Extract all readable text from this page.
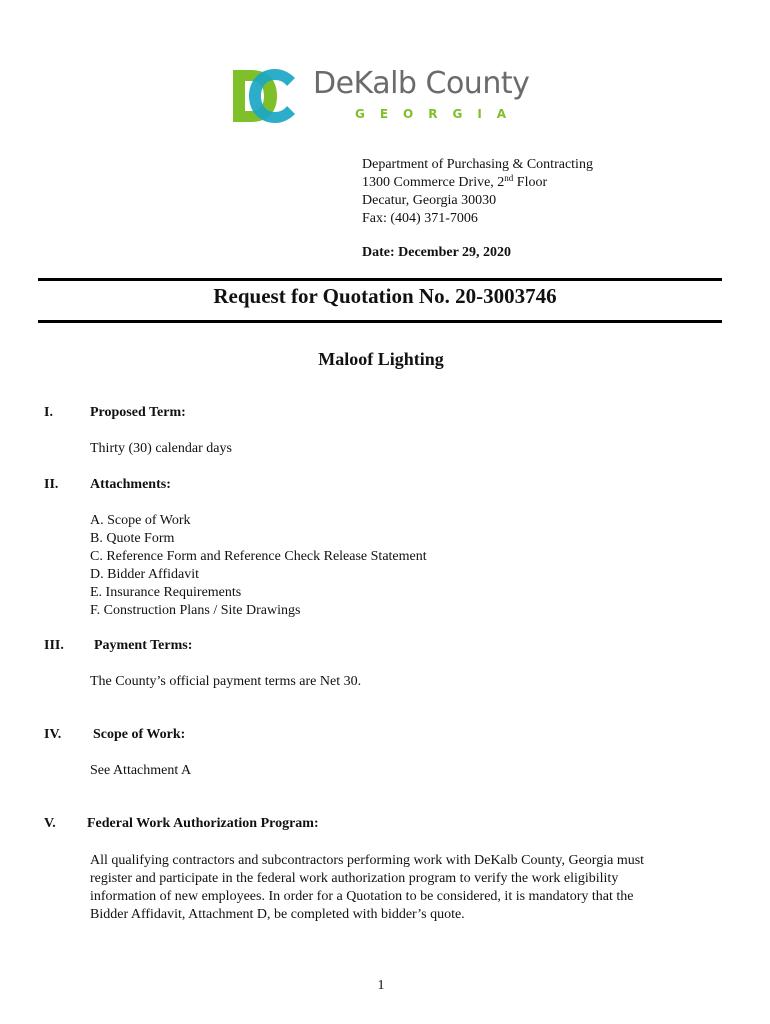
DeKalb County
GEORGIA
Department of Purchasing & Contracting
1300 Commerce Drive, 2nd Floor
Decatur, Georgia 30030
Fax: (404) 371-7006
Date: December 29, 2020
Request for Quotation No. 20-3003746
Maloof Lighting
I.	Proposed Term:
Thirty (30) calendar days
II. Attachments:
A. Scope of Work
B. Quote Form
C. Reference Form and Reference Check Release Statement
D. Bidder Affidavit
E. Insurance Requirements
F. Construction Plans / Site Drawings
III. Payment Terms:
The County’s official payment terms are Net 30.
IV. Scope of Work:
See Attachment A
V. Federal Work Authorization Program:
All qualifying contractors and subcontractors performing work with DeKalb County, Georgia must
register and participate in the federal work authorization program to verify the work eligibility
information of new employees. In order for a Quotation to be considered, it is mandatory that the
Bidder Affidavit, Attachment D, be completed with bidder’s quote.
1
